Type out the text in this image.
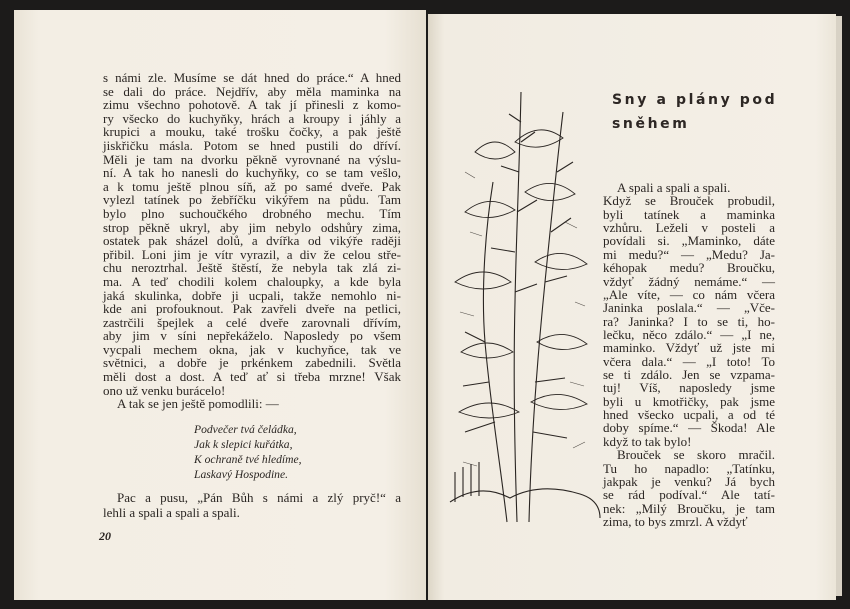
s námi zle. Musíme se dát hned do práce.“ A hned
se dali do práce. Nejdřív, aby měla maminka na
zimu všechno pohotově. A tak jí přinesli z komo-
ry všecko do kuchyňky, hrách a kroupy i jáhly a
krupici a mouku, také trošku čočky, a pak ještě
jiskřičku másla. Potom se hned pustili do dříví.
Měli je tam na dvorku pěkně vyrovnané na výslu-
ní. A tak ho nanesli do kuchyňky, co se tam vešlo,
a k tomu ještě plnou síň, až po samé dveře. Pak
vylezl tatínek po žebříčku vikýřem na půdu. Tam
bylo plno suchoučkého drobného mechu. Tím
strop pěkně ukryl, aby jim nebylo odshůry zima,
ostatek pak sházel dolů, a dvířka od vikýře raději
přibil. Loni jim je vítr vyrazil, a div že celou stře-
chu neroztrhal. Ještě štěstí, že nebyla tak zlá zi-
ma. A teď chodili kolem chaloupky, a kde byla
jaká skulinka, dobře ji ucpali, takže nemohlo ni-
kde ani profouknout. Pak zavřeli dveře na petlici,
zastrčili špejlek a celé dveře zarovnali dřívím,
aby jim v síni nepřekáželo. Naposledy po všem
vycpali mechem okna, jak v kuchyňce, tak ve
světnici, a dobře je prkénkem zabednili. Světla
měli dost a dost. A teď ať si třeba mrzne! Však
ono už venku burácelo!
A tak se jen ještě pomodlili: —
Podvečer tvá čeládka,
Jak k slepici kuřátka,
K ochraně tvé hledíme,
Laskavý Hospodine.
Pac a pusu, „Pán Bůh s námi a zlý pryč!“ a
lehli a spali a spali a spali.
20
Sny a plány pod
sněhem
A spali a spali a spali.
Když se Brouček probudil,
byli tatínek a maminka
vzhůru. Leželi v posteli a
povídali si. „Maminko, dáte
mi medu?“ — „Medu? Ja-
kéhopak medu? Broučku,
vždyť žádný nemáme.“ —
„Ale víte, — co nám včera
Janinka poslala.“ — „Vče-
ra? Janinka? I to se ti, ho-
lečku, něco zdálo.“ — „I ne,
maminko. Vždyť už jste mi
včera dala.“ — „I toto! To
se ti zdálo. Jen se vzpama-
tuj! Víš, naposledy jsme
byli u kmotřičky, pak jsme
hned všecko ucpali, a od té
doby spíme.“ — Škoda! Ale
když to tak bylo!
Brouček se skoro mračil.
Tu ho napadlo: „Tatínku,
jakpak je venku? Já bych
se rád podíval.“ Ale tatí-
nek: „Milý Broučku, je tam
zima, to bys zmrzl. A vždyť
